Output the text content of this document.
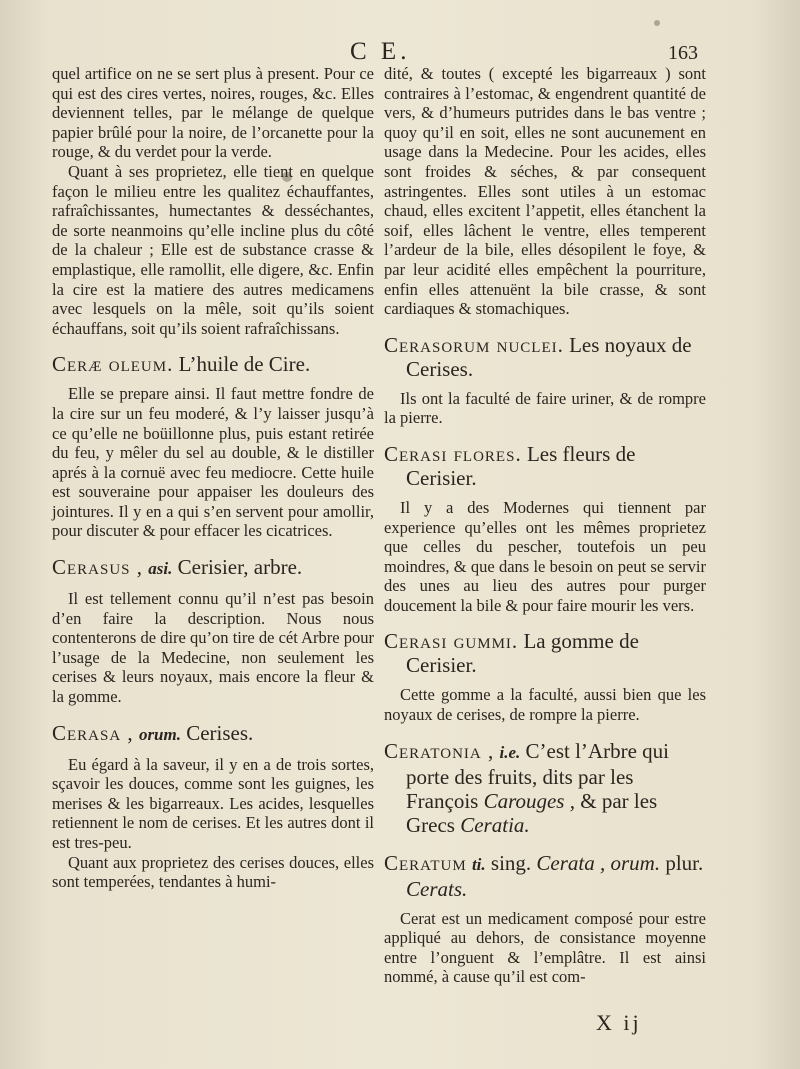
C E.	163

quel artifice on ne se sert plus à present. Pour ce qui est des cires vertes, noires, rouges, &c. Elles deviennent telles, par le mélange de quelque papier brûlé pour la noire, de l’orcanette pour la rouge, & du verdet pour la verde.

Quant à ses proprietez, elle tient en quelque façon le milieu entre les qualitez échauffantes, rafraîchissantes, humectantes & desséchantes, de sorte neanmoins qu’elle incline plus du côté de la chaleur ; Elle est de substance crasse & emplastique, elle ramollit, elle digere, &c. Enfin la cire est la matiere des autres medicamens avec lesquels on la mêle, soit qu’ils soient échauffans, soit qu’ils soient rafraîchissans.

Ceræ oleum. L’huile de Cire.

Elle se prepare ainsi. Il faut mettre fondre de la cire sur un feu moderé, & l’y laisser jusqu’à ce qu’elle ne boüillonne plus, puis estant retirée du feu, y mêler du sel au double, & le distiller aprés à la cornuë avec feu mediocre. Cette huile est souveraine pour appaiser les douleurs des jointures. Il y en a qui s’en servent pour amollir, pour discuter & pour effacer les cicatrices.

Cerasus , asi. Cerisier, arbre.

Il est tellement connu qu’il n’est pas besoin d’en faire la description. Nous nous contenterons de dire qu’on tire de cét Arbre pour l’usage de la Medecine, non seulement les cerises & leurs noyaux, mais encore la fleur & la gomme.

Cerasa , orum. Cerises.

Eu égard à la saveur, il y en a de trois sortes, sçavoir les douces, comme sont les guignes, les merises & les bigarreaux. Les acides, lesquelles retiennent le nom de cerises. Et les autres dont il est tres-peu.

Quant aux proprietez des cerises douces, elles sont temperées, tendantes à humi-

dité, & toutes ( excepté les bigarreaux ) sont contraires à l’estomac, & engendrent quantité de vers, & d’humeurs putrides dans le bas ventre ; quoy qu’il en soit, elles ne sont aucunement en usage dans la Medecine. Pour les acides, elles sont froides & séches, & par consequent astringentes. Elles sont utiles à un estomac chaud, elles excitent l’appetit, elles étanchent la soif, elles lâchent le ventre, elles temperent l’ardeur de la bile, elles désopilent le foye, & par leur acidité elles empêchent la pourriture, enfin elles attenuënt la bile crasse, & sont cardiaques & stomachiques.

Cerasorum nuclei. Les noyaux de Cerises.

Ils ont la faculté de faire uriner, & de rompre la pierre.

Cerasi flores. Les fleurs de Cerisier.

Il y a des Modernes qui tiennent par experience qu’elles ont les mêmes proprietez que celles du pescher, toutefois un peu moindres, & que dans le besoin on peut se servir des unes au lieu des autres pour purger doucement la bile & pour faire mourir les vers.

Cerasi gummi. La gomme de Cerisier.

Cette gomme a la faculté, aussi bien que les noyaux de cerises, de rompre la pierre.

Ceratonia , i.e. C’est l’Arbre qui porte des fruits, dits par les François Carouges , & par les Grecs Ceratia.
Ceratum ti. sing. Cerata , orum. plur. Cerats.

Cerat est un medicament composé pour estre appliqué au dehors, de consistance moyenne entre l’onguent & l’emplâtre. Il est ainsi nommé, à cause qu’il est com-

X ij
